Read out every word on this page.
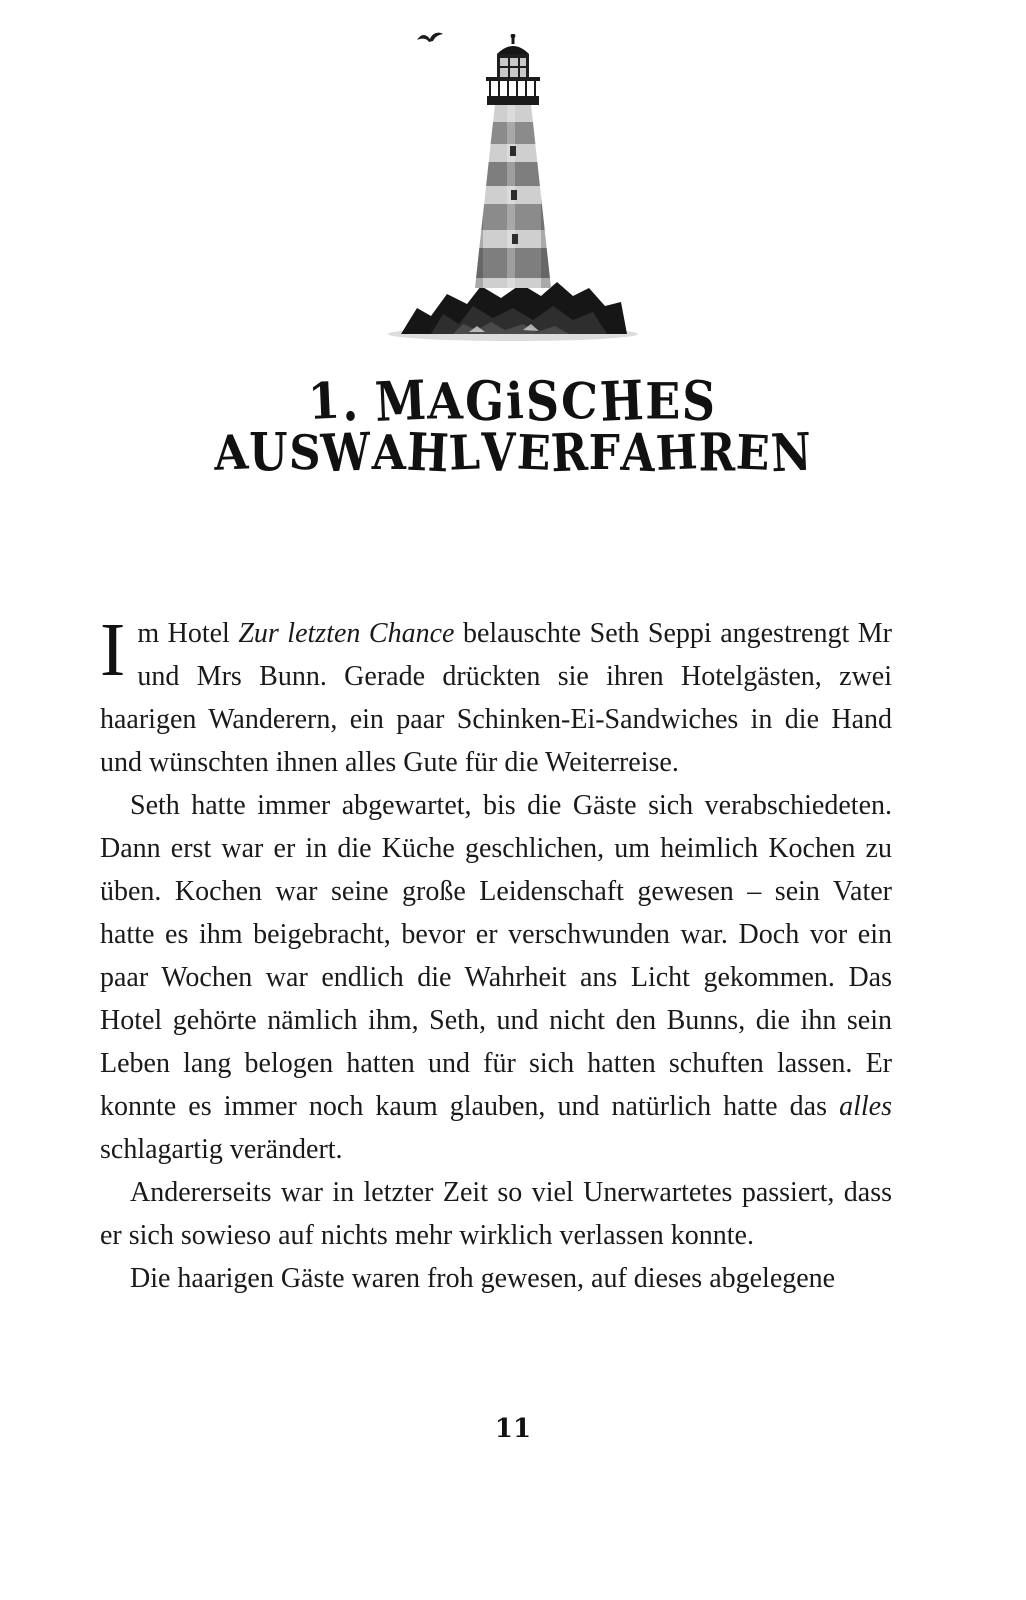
1. MAGiSCHES
AUSWAHLVERFAHREN

Im Hotel Zur letzten Chance belauschte Seth Seppi angestrengt Mr und Mrs Bunn. Gerade drückten sie ihren Hotelgästen, zwei haarigen Wanderern, ein paar Schinken-Ei-Sandwiches in die Hand und wünschten ihnen alles Gute für die Weiterreise.

Seth hatte immer abgewartet, bis die Gäste sich verabschiedeten. Dann erst war er in die Küche geschlichen, um heimlich Kochen zu üben. Kochen war seine große Leidenschaft gewesen – sein Vater hatte es ihm beigebracht, bevor er verschwunden war. Doch vor ein paar Wochen war endlich die Wahrheit ans Licht gekommen. Das Hotel gehörte nämlich ihm, Seth, und nicht den Bunns, die ihn sein Leben lang belogen hatten und für sich hatten schuften lassen. Er konnte es immer noch kaum glauben, und natürlich hatte das alles schlagartig verändert.

Andererseits war in letzter Zeit so viel Unerwartetes passiert, dass er sich sowieso auf nichts mehr wirklich verlassen konnte.

Die haarigen Gäste waren froh gewesen, auf dieses abgelegene

11
